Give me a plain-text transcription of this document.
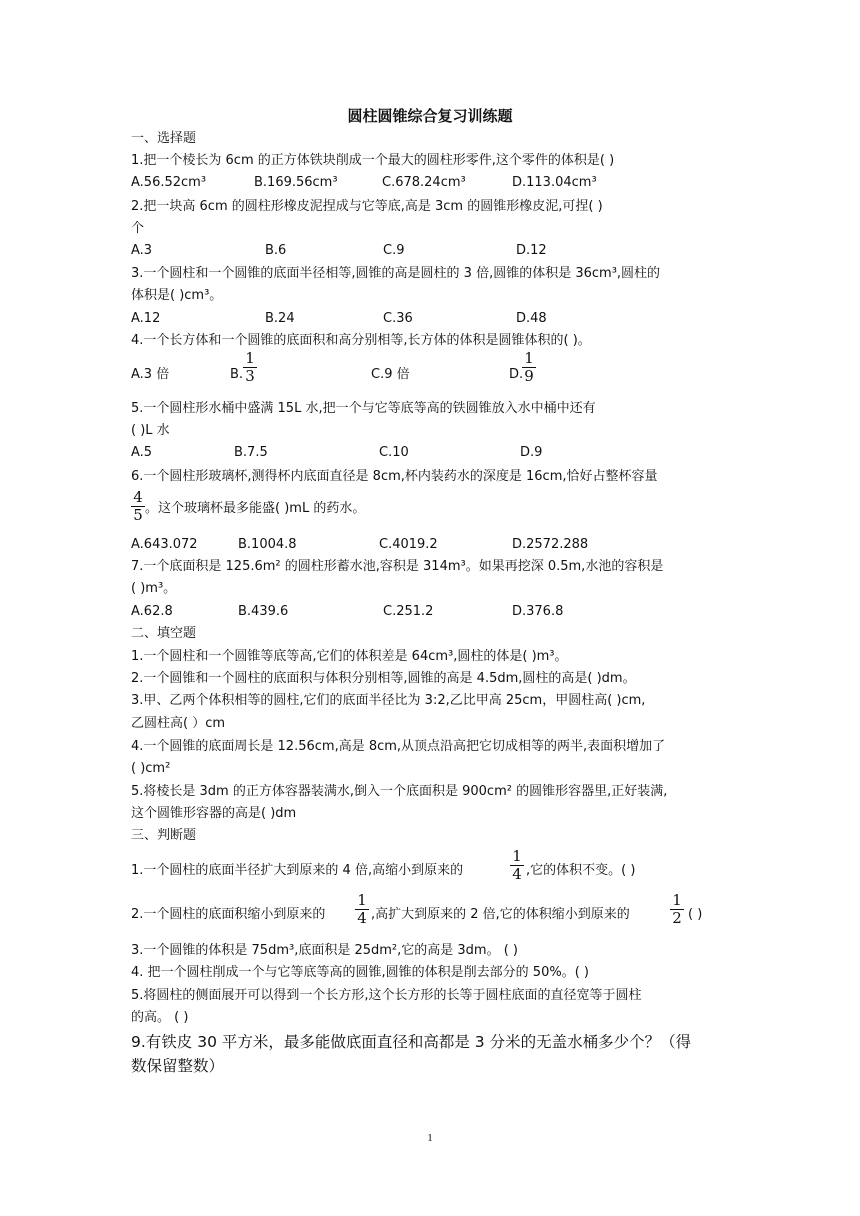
圆柱圆锥综合复习训练题
一、选择题
1.把一个棱长为 6cm 的正方体铁块削成一个最大的圆柱形零件,这个零件的体积是( )
A.56.52cm³	B.169.56cm³	C.678.24cm³	D.113.04cm³
2.把一块高 6cm 的圆柱形橡皮泥捏成与它等底,高是 3cm 的圆锥形橡皮泥,可捏( )
个
A.3	B.6	C.9	D.12
3.一个圆柱和一个圆锥的底面半径相等,圆锥的高是圆柱的 3 倍,圆锥的体积是 36cm³,圆柱的
体积是( )cm³。
A.12	B.24	C.36	D.48
4.一个长方体和一个圆锥的底面积和高分别相等,长方体的体积是圆锥体积的( )。
A.3 倍	B.
1
3	C.9 倍	D.
1
9
5.一个圆柱形水桶中盛满 15L 水,把一个与它等底等高的铁圆锥放入水中桶中还有
( )L 水
A.5	B.7.5	C.10	D.9
6.一个圆柱形玻璃杯,测得杯内底面直径是 8cm,杯内装药水的深度是 16cm,恰好占整杯容量
4
5 。这个玻璃杯最多能盛( )mL 的药水。
A.643.072	B.1004.8	C.4019.2	D.2572.288
7.一个底面积是 125.6m² 的圆柱形蓄水池,容积是 314m³。如果再挖深 0.5m,水池的容积是
( )m³。
A.62.8	B.439.6	C.251.2	D.376.8
二、填空题
1.一个圆柱和一个圆锥等底等高,它们的体积差是 64cm³,圆柱的体是( )m³。
2.一个圆锥和一个圆柱的底面积与体积分别相等,圆锥的高是 4.5dm,圆柱的高是( )dm。
3.甲、乙两个体积相等的圆柱,它们的底面半径比为 3:2,乙比甲高 25cm，甲圆柱高( )cm,
乙圆柱高( ）cm
4.一个圆锥的底面周长是 12.56cm,高是 8cm,从顶点沿高把它切成相等的两半,表面积增加了
( )cm²
5.将棱长是 3dm 的正方体容器装满水,倒入一个底面积是 900cm² 的圆锥形容器里,正好装满,
这个圆锥形容器的高是( )dm
三、判断题
1.一个圆柱的底面半径扩大到原来的 4 倍,高缩小到原来的
1
4 ,它的体积不变。( )
2.一个圆柱的底面积缩小到原来的
1
4 ,高扩大到原来的 2 倍,它的体积缩小到原来的
1
2 ( )
3.一个圆锥的体积是 75dm³,底面积是 25dm²,它的高是 3dm。 ( )
4. 把一个圆柱削成一个与它等底等高的圆锥,圆锥的体积是削去部分的 50%。( )
5.将圆柱的侧面展开可以得到一个长方形,这个长方形的长等于圆柱底面的直径宽等于圆柱
的高。 ( )
9.有铁皮 30 平方米，最多能做底面直径和高都是 3 分米的无盖水桶多少个？（得
数保留整数）
1
